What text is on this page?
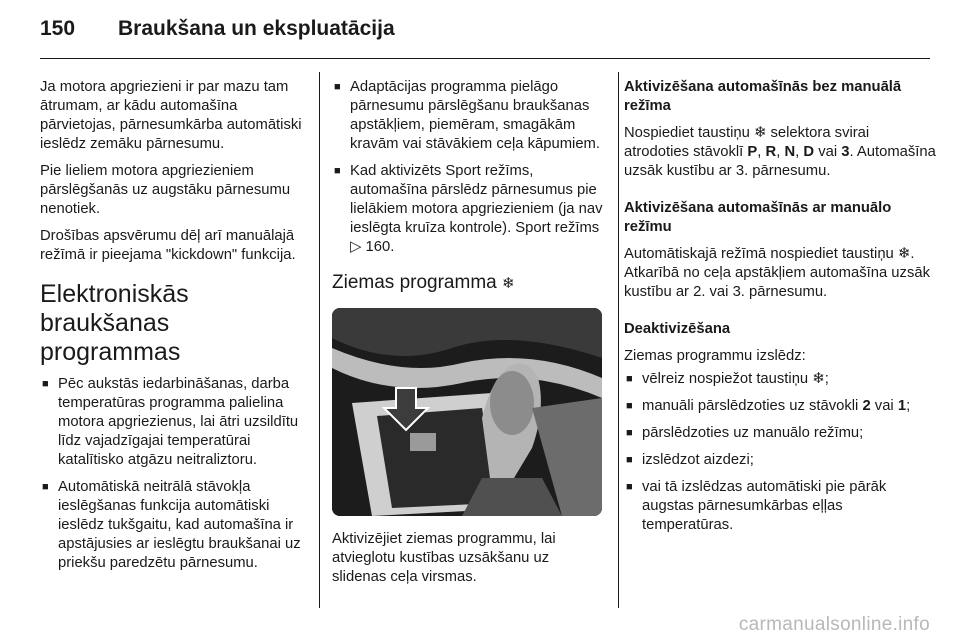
150 Braukšana un ekspluatācija

Ja motora apgriezieni ir par mazu tam ātrumam, ar kādu automašīna pārvietojas, pārnesumkārba automātiski ieslēdz zemāku pārnesumu.

Pie lieliem motora apgriezieniem pārslēgšanās uz augstāku pārnesumu nenotiek.

Drošības apsvērumu dēļ arī manuālajā režīmā ir pieejama "kickdown" funkcija.

Elektroniskās braukšanas programmas
■ Pēc aukstās iedarbināšanas, darba temperatūras programma palielina motora apgriezienus, lai ātri uzsildītu līdz vajadzīgajai temperatūrai katalītisko atgāzu neitraliztoru.
■ Automātiskā neitrālā stāvokļa ieslēgšanas funkcija automātiski ieslēdz tukšgaitu, kad automašīna ir apstājusies ar ieslēgtu braukšanai uz priekšu paredzētu pārnesumu.
■ Adaptācijas programma pielāgo pārnesumu pārslēgšanu braukšanas apstākļiem, piemēram, smagākām kravām vai stāvākiem ceļa kāpumiem.
■ Kad aktivizēts Sport režīms, automašīna pārslēdz pārnesumus pie lielākiem motora apgriezieniem (ja nav ieslēgta kruīza kontrole). Sport režīms ▷ 160.
Ziemas programma ❄

Aktivizējiet ziemas programmu, lai atvieglotu kustības uzsākšanu uz slidenas ceļa virsmas.

Aktivizēšana automašīnās bez manuālā režīma

Nospiediet taustiņu ❄ selektora svirai atrodoties stāvoklī P, R, N, D vai 3. Automašīna uzsāk kustību ar 3. pārnesumu.

Aktivizēšana automašīnās ar manuālo režīmu

Automātiskajā režīmā nospiediet taustiņu ❄. Atkarībā no ceļa apstākļiem automašīna uzsāk kustību ar 2. vai 3. pārnesumu.

Deaktivizēšana

Ziemas programmu izslēdz:

■ vēlreiz nospiežot taustiņu ❄;
■ manuāli pārslēdzoties uz stāvokli 2 vai 1;
■ pārslēdzoties uz manuālo režīmu;
■ izslēdzot aizdezi;
■ vai tā izslēdzas automātiski pie pārāk augstas pārnesumkārbas eļļas temperatūras.
carmanualsonline.info
